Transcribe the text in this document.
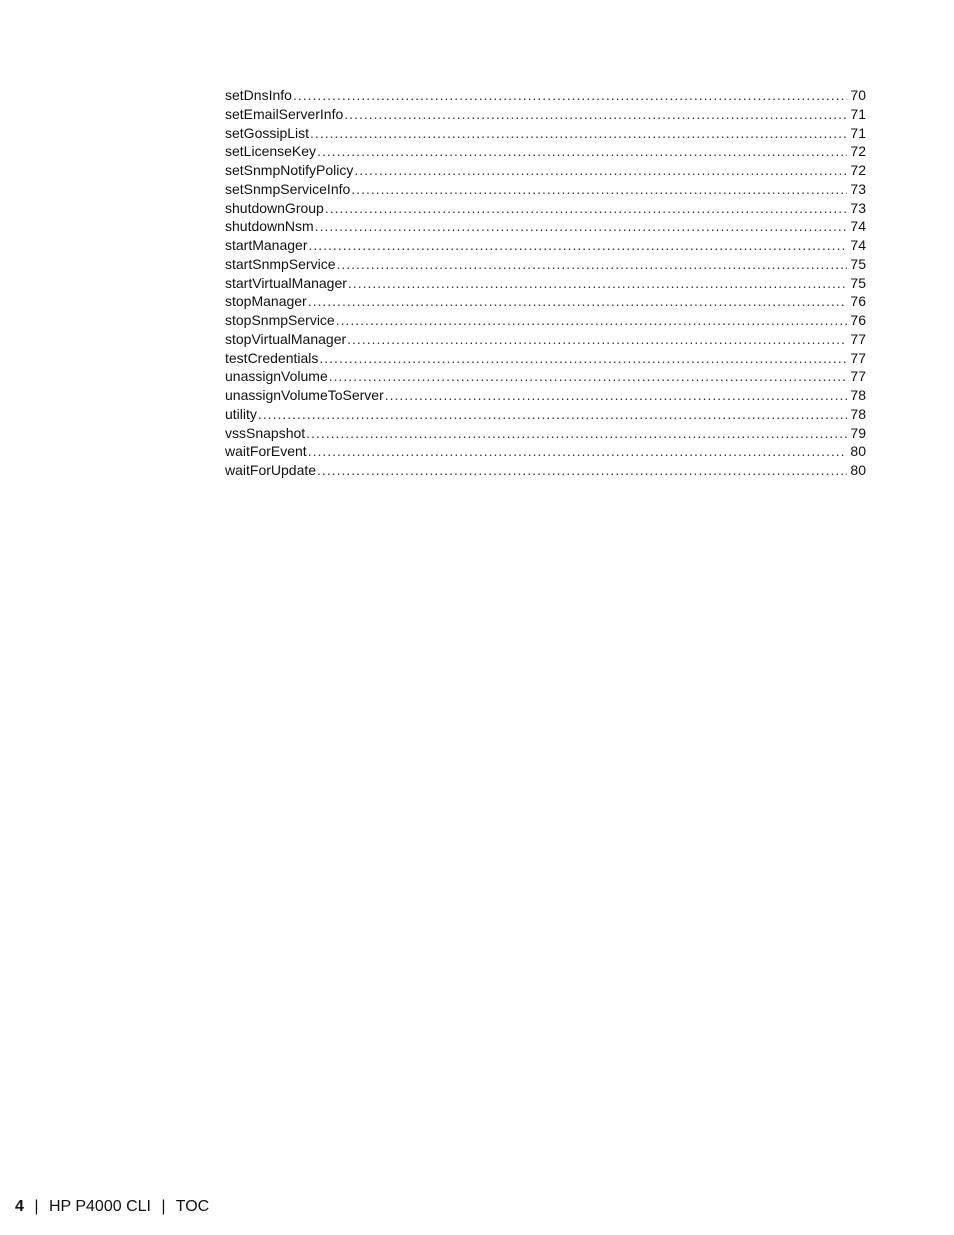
setDnsInfo .....	70
setEmailServerInfo .....	71
setGossipList .....	71
setLicenseKey .....	72
setSnmpNotifyPolicy .....	72
setSnmpServiceInfo .....	73
shutdownGroup .....	73
shutdownNsm .....	74
startManager .....	74
startSnmpService .....	75
startVirtualManager .....	75
stopManager .....	76
stopSnmpService .....	76
stopVirtualManager .....	77
testCredentials .....	77
unassignVolume .....	77
unassignVolumeToServer .....	78
utility .....	78
vssSnapshot .....	79
waitForEvent .....	80
waitForUpdate .....	80
4 | HP P4000 CLI | TOC
